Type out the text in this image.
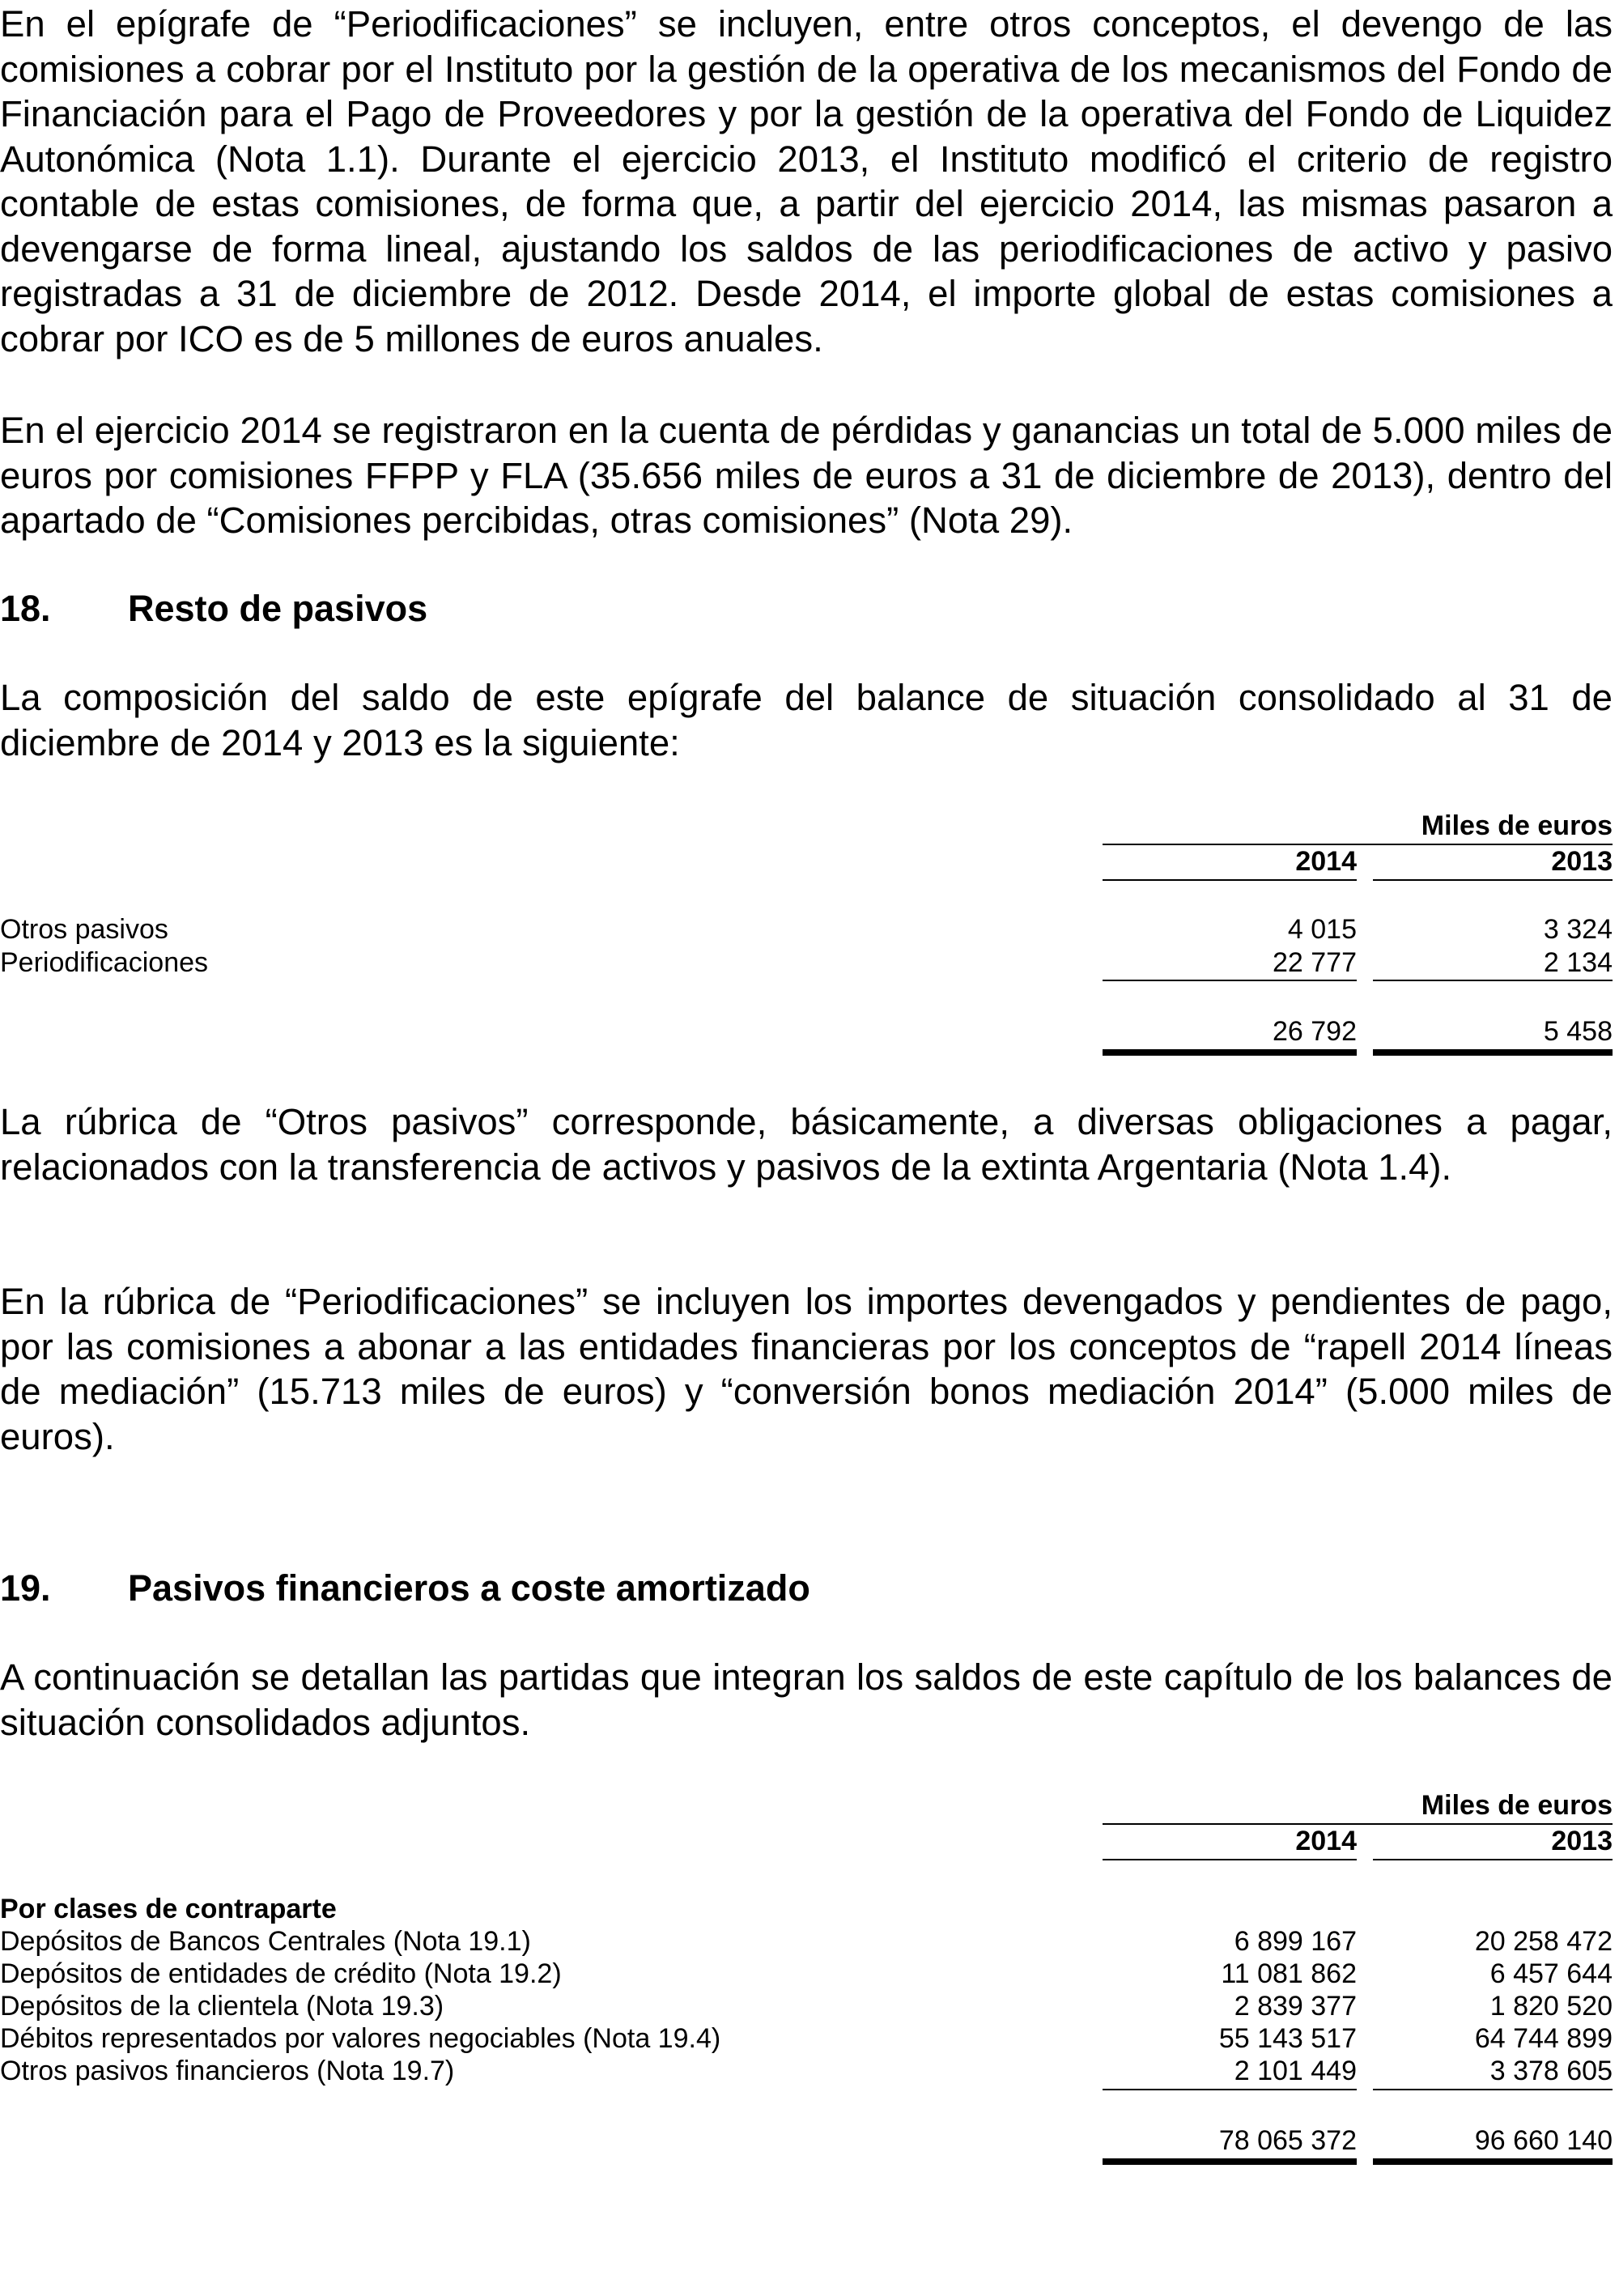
En el epígrafe de “Periodificaciones” se incluyen, entre otros conceptos, el devengo de las comisiones a cobrar por el Instituto por la gestión de la operativa de los mecanismos del Fondo de Financiación para el Pago de Proveedores y por la gestión de la operativa del Fondo de Liquidez Autonómica (Nota 1.1). Durante el ejercicio 2013, el Instituto modificó el criterio de registro contable de estas comisiones, de forma que, a partir del ejercicio 2014, las mismas pasaron a devengarse de forma lineal, ajustando los saldos de las periodificaciones de activo y pasivo registradas a 31 de diciembre de 2012. Desde 2014, el importe global de estas comisiones a cobrar por ICO es de 5 millones de euros anuales.

En el ejercicio 2014 se registraron en la cuenta de pérdidas y ganancias un total de 5.000 miles de euros por comisiones FFPP y FLA (35.656 miles de euros a 31 de diciembre de 2013), dentro del apartado de “Comisiones percibidas, otras comisiones” (Nota 29).

18. Resto de pasivos

La composición del saldo de este epígrafe del balance de situación consolidado al 31 de diciembre de 2014 y 2013 es la siguiente:

Miles de euros
2014	2013
Otros pasivos	4 015	3 324
Periodificaciones	22 777	2 134
26 792	5 458

La rúbrica de “Otros pasivos” corresponde, básicamente, a diversas obligaciones a pagar, relacionados con la transferencia de activos y pasivos de la extinta Argentaria (Nota 1.4).

En la rúbrica de “Periodificaciones” se incluyen los importes devengados y pendientes de pago, por las comisiones a abonar a las entidades financieras por los conceptos de “rapell 2014 líneas de mediación” (15.713 miles de euros) y “conversión bonos mediación 2014” (5.000 miles de euros).

19. Pasivos financieros a coste amortizado

A continuación se detallan las partidas que integran los saldos de este capítulo de los balances de situación consolidados adjuntos.

Miles de euros
2014	2013
Por clases de contraparte
Depósitos de Bancos Centrales (Nota 19.1)	6 899 167	20 258 472
Depósitos de entidades de crédito (Nota 19.2)	11 081 862	6 457 644
Depósitos de la clientela (Nota 19.3)	2 839 377	1 820 520
Débitos representados por valores negociables (Nota 19.4)	55 143 517	64 744 899
Otros pasivos financieros (Nota 19.7)	2 101 449	3 378 605
78 065 372	96 660 140
